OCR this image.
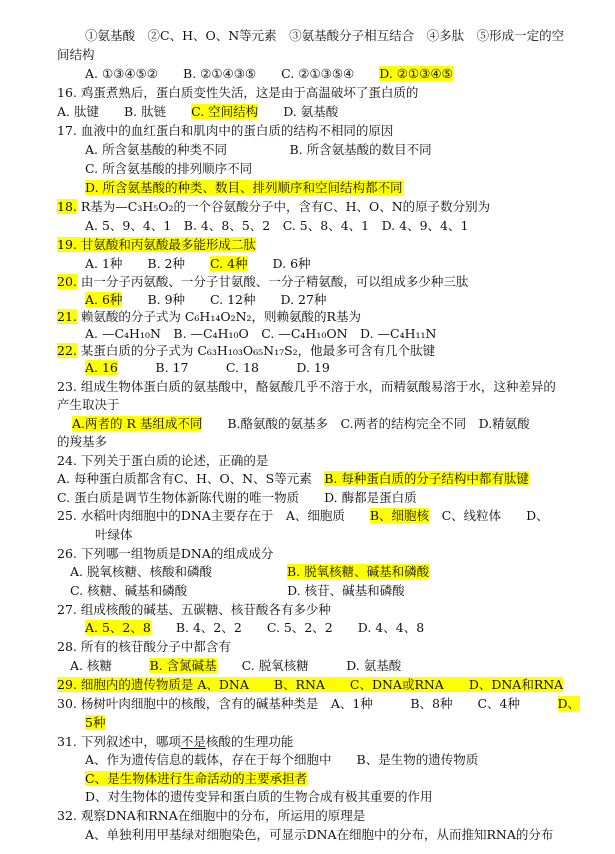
①氨基酸　②C、H、O、N等元素　③氨基酸分子相互结合　④多肽　⑤形成一定的空
间结构
A. ①③④⑤②　　B. ②①④③⑤　　C. ②①③⑤④　　D. ②①③④⑤
16. 鸡蛋煮熟后，蛋白质变性失活，这是由于高温破坏了蛋白质的
A. 肽键　　B. 肽链　　C. 空间结构　　D. 氨基酸
17. 血液中的血红蛋白和肌肉中的蛋白质的结构不相同的原因
A. 所含氨基酸的种类不同　　　　　B. 所含氨基酸的数目不同
C. 所含氨基酸的排列顺序不同
D. 所含氨基酸的种类、数目、排列顺序和空间结构都不同
18. R基为—C₃H₅O₂的一个谷氨酸分子中，含有C、H、O、N的原子数分别为
A. 5、9、4、1　B. 4、8、5、2　C. 5、8、4、1　D. 4、9、4、1
19. 甘氨酸和丙氨酸最多能形成二肽
A. 1种　　B. 2种　　C. 4种　　D. 6种
20. 由一分子丙氨酸、一分子甘氨酸、一分子精氨酸，可以组成多少种三肽
A. 6种　　B. 9种　　C. 12种　　D. 27种
21. 赖氨酸的分子式为 C₆H₁₄O₂N₂，则赖氨酸的R基为
A. —C₄H₁₀N　B. —C₄H₁₀O　C. —C₄H₁₀ON　D. —C₄H₁₁N
22. 某蛋白质的分子式为 C₆₃H₁₀₃O₆₅N₁₇S₂，他最多可含有几个肽键
A. 16　　　B. 17　　　C. 18　　　D. 19
23. 组成生物体蛋白质的氨基酸中，酪氨酸几乎不溶于水，而精氨酸易溶于水，这种差异的
产生取决于
A.两者的 R 基组成不同　　B.酪氨酸的氨基多　C.两者的结构完全不同　D.精氨酸
的羧基多
24. 下列关于蛋白质的论述，正确的是
A. 每种蛋白质都含有C、H、O、N、S等元素　B. 每种蛋白质的分子结构中都有肽键
C. 蛋白质是调节生物体新陈代谢的唯一物质　　D. 酶都是蛋白质
25. 水稻叶肉细胞中的DNA主要存在于　A、细胞质　　B、细胞核　C、线粒体　　D、
叶绿体
26. 下列哪一组物质是DNA的组成成分
A. 脱氧核糖、核酸和磷酸　　　　　　B. 脱氧核糖、碱基和磷酸
C. 核糖、碱基和磷酸　　　　　　　　D. 核苷、碱基和磷酸
27. 组成核酸的碱基、五碳糖、核苷酸各有多少种
A. 5、2、8　　B. 4、2、2　　C. 5、2、2　　D. 4、4、8
28. 所有的核苷酸分子中都含有
A. 核糖　　　B. 含氮碱基　　C. 脱氧核糖　　　D. 氨基酸
29. 细胞内的遗传物质是 A、DNA　　B、RNA　　C、DNA或RNA　　D、DNA和RNA
30. 杨树叶肉细胞中的核酸，含有的碱基种类是　A、1种　　　B、8种　　C、4种　　　D、
5种
31. 下列叙述中，哪项不是核酸的生理功能
A、作为遗传信息的载体，存在于每个细胞中　　B、是生物的遗传物质
C、是生物体进行生命活动的主要承担者
D、对生物体的遗传变异和蛋白质的生物合成有极其重要的作用
32. 观察DNA和RNA在细胞中的分布，所运用的原理是
A、单独利用甲基绿对细胞染色，可显示DNA在细胞中的分布，从而推知RNA的分布
